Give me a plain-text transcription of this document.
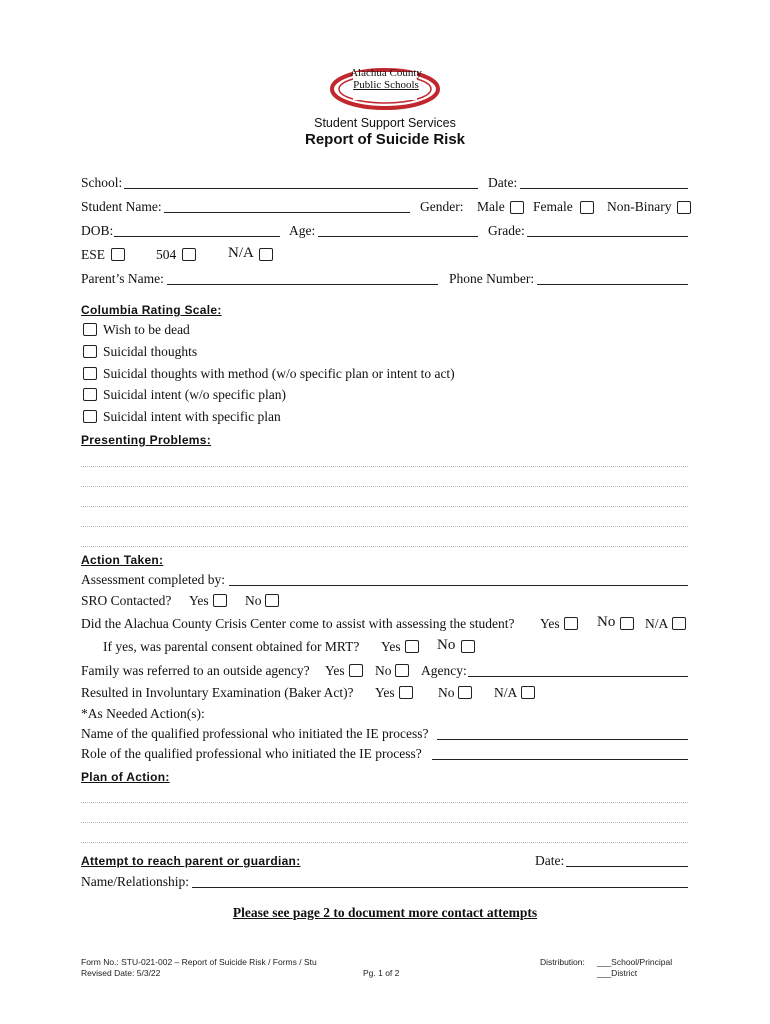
Alachua County
Public Schools
Student Support Services
Report of Suicide Risk
School:	Date:
Student Name:	Gender: Male Female	Non-Binary
DOB:	Age:	Grade:
ESE	504	N/A
Parent’s Name:	Phone Number:
Columbia Rating Scale:
Wish to be dead
Suicidal thoughts
Suicidal thoughts with method (w/o specific plan or intent to act)
Suicidal intent (w/o specific plan)
Suicidal intent with specific plan
Presenting Problems:
Action Taken:
Assessment completed by:
SRO Contacted? Yes	No
Did the Alachua County Crisis Center come to assist with assessing the student? Yes No N/A
If yes, was parental consent obtained for MRT? Yes No
Family was referred to an outside agency? Yes No Agency:
Resulted in Involuntary Examination (Baker Act)? Yes	No	N/A
*As Needed Action(s):
Name of the qualified professional who initiated the IE process?
Role of the qualified professional who initiated the IE process?
Plan of Action:
Attempt to reach parent or guardian:	Date:
Name/Relationship:
Please see page 2 to document more contact attempts
Form No.: STU-021-002 – Report of Suicide Risk / Forms / Stu
Revised Date: 5/3/22	Pg. 1 of 2
Distribution: ___School/Principal
___District
